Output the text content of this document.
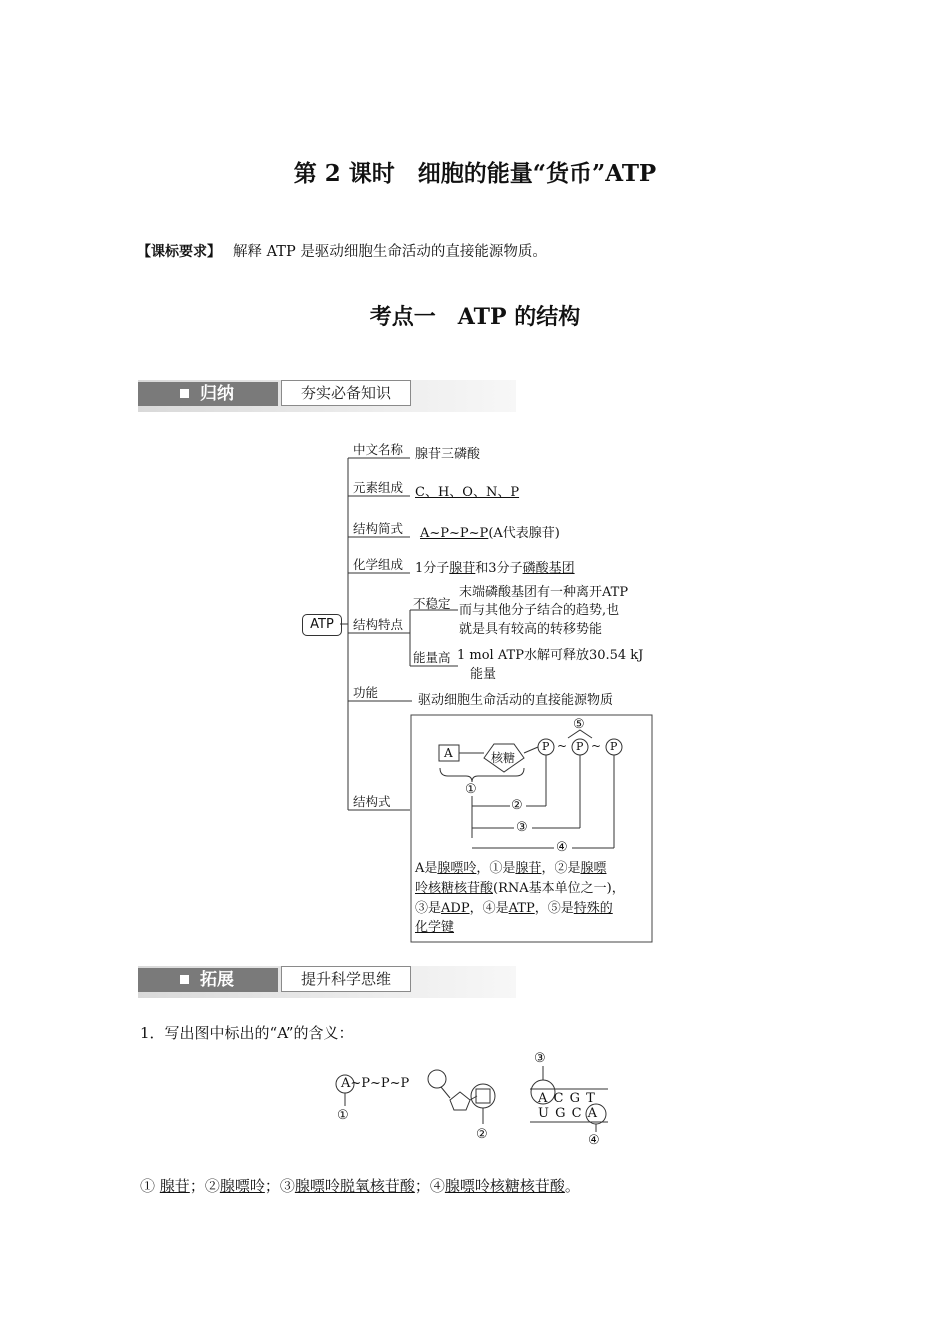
第 2 课时　细胞的能量“货币”ATP
【课标要求】 解释 ATP 是驱动细胞生命活动的直接能源物质。
考点一　ATP 的结构
归纳	夯实必备知识
ATP
中文名称 腺苷三磷酸
元素组成 C、H、O、N、P
结构简式 A~P~P~P(A代表腺苷)
化学组成 1分子腺苷和3分子磷酸基团
结构特点
不稳定
末端磷酸基团有一种离开ATP
而与其他分子结合的趋势,也
就是具有较高的转移势能
能量高 1 mol ATP水解可释放30.54 kJ
能量
功能
驱动细胞生命活动的直接能源物质
结构式
A	核糖
P P P
~ ~
⑤
①
②
③
④
A是腺嘌呤，①是腺苷，②是腺嘌
呤核糖核苷酸(RNA基本单位之一)，
③是ADP，④是ATP，⑤是特殊的
化学键
拓展	提升科学思维
1．写出图中标出的“A”的含义：
A~P~P~P
①
②
③
A C G T
U G C A
④
① 腺苷；②腺嘌呤；③腺嘌呤脱氧核苷酸；④腺嘌呤核糖核苷酸。
